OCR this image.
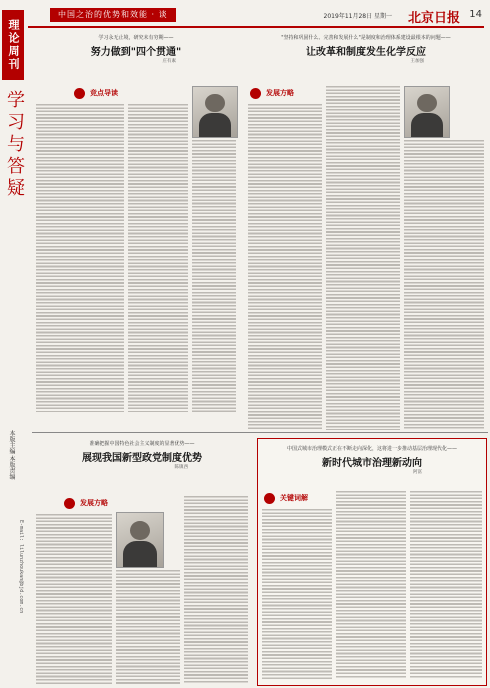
理论周刊
学习与答疑
本版主编 本版责编
E-mail: lilunzhoukan@bjd.com.cn
中国之治的优势和效能 · 谈	2019年11月28日 星期一 北京日报 14
学习永无止境，研究未有穷期——
努力做到"四个贯通"
庄有素
竞点导读
"坚持和巩固什么、完善和发展什么"是制度和治理体系建设最根本的问题——
让改革和制度发生化学反应
王加强
发展方略
准确把握中国特色社会主义制度的显著优势——
展现我国新型政党制度优势
陈镇西
发展方略
中国式城市治理模式正在不断走向深化，这将进一步推动基层治理现代化——
新时代城市治理新动向
阿富
关键词解
